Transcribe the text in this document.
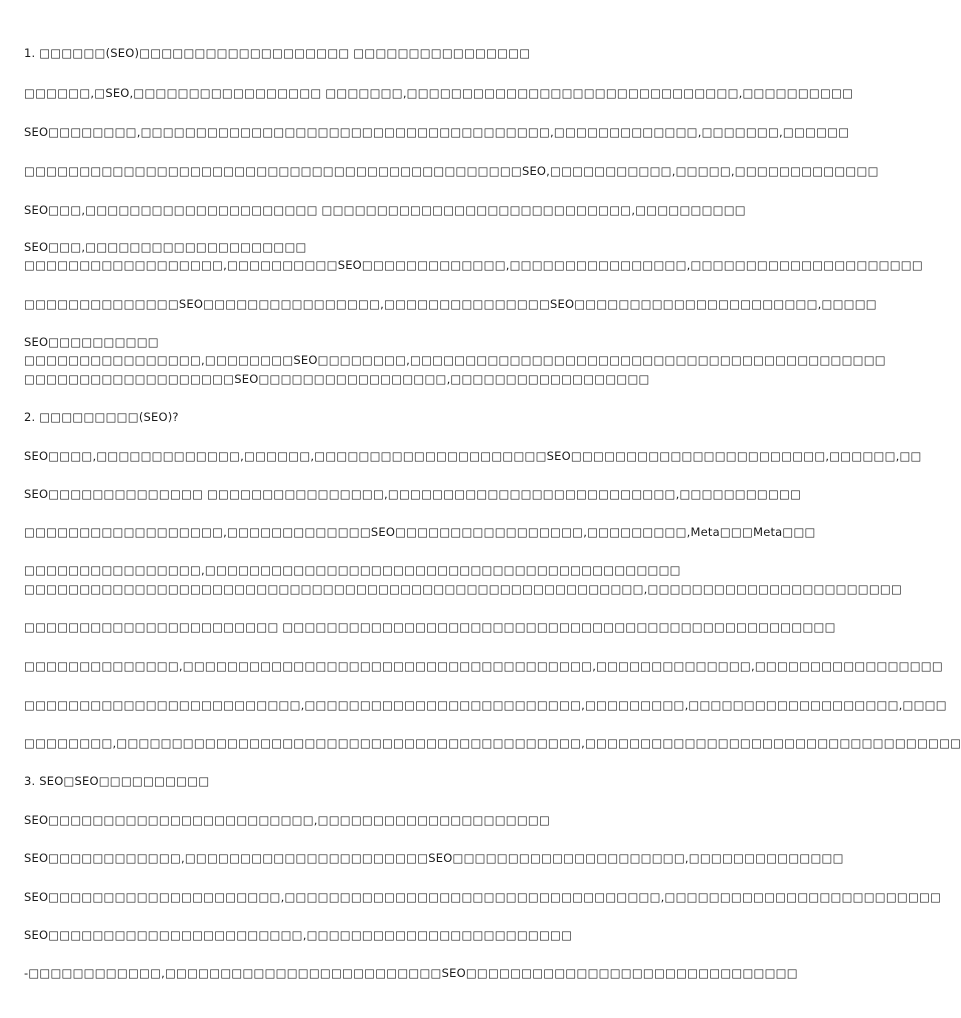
1. □□□□□□(SEO)□□□□□□□□□□□□□□□□□□□ □□□□□□□□□□□□□□□□
□□□□□□,□SEO,□□□□□□□□□□□□□□□□□ □□□□□□□,□□□□□□□□□□□□□□□□□□□□□□□□□□□□□□,□□□□□□□□□□
SEO□□□□□□□□,□□□□□□□□□□□□□□□□□□□□□□□□□□□□□□□□□□□□□,□□□□□□□□□□□□□,□□□□□□□,□□□□□□
□□□□□□□□□□□□□□□□□□□□□□□□□□□□□□□□□□□□□□□□□□□□□SEO,□□□□□□□□□□□,□□□□□,□□□□□□□□□□□□□
SEO□□□,□□□□□□□□□□□□□□□□□□□□□ □□□□□□□□□□□□□□□□□□□□□□□□□□□□,□□□□□□□□□□
SEO□□□,□□□□□□□□□□□□□□□□□□□□
□□□□□□□□□□□□□□□□□□,□□□□□□□□□□SEO□□□□□□□□□□□□□,□□□□□□□□□□□□□□□□,□□□□□□□□□□□□□□□□□□□□□
□□□□□□□□□□□□□□SEO□□□□□□□□□□□□□□□□,□□□□□□□□□□□□□□□SEO□□□□□□□□□□□□□□□□□□□□□□,□□□□□
SEO□□□□□□□□□□
□□□□□□□□□□□□□□□□,□□□□□□□□SEO□□□□□□□□,□□□□□□□□□□□□□□□□□□□□□□□□□□□□□□□□□□□□□□□□□□□
□□□□□□□□□□□□□□□□□□□SEO□□□□□□□□□□□□□□□□□,□□□□□□□□□□□□□□□□□□
2. □□□□□□□□□(SEO)?
SEO□□□□,□□□□□□□□□□□□□,□□□□□□,□□□□□□□□□□□□□□□□□□□□□SEO□□□□□□□□□□□□□□□□□□□□□□□,□□□□□□,□□
SEO□□□□□□□□□□□□□□ □□□□□□□□□□□□□□□□,□□□□□□□□□□□□□□□□□□□□□□□□□□,□□□□□□□□□□□
□□□□□□□□□□□□□□□□□□,□□□□□□□□□□□□□SEO□□□□□□□□□□□□□□□□□,□□□□□□□□□,Meta□□□Meta□□□
□□□□□□□□□□□□□□□□,□□□□□□□□□□□□□□□□□□□□□□□□□□□□□□□□□□□□□□□□□□□
□□□□□□□□□□□□□□□□□□□□□□□□□□□□□□□□□□□□□□□□□□□□□□□□□□□□□□□□,□□□□□□□□□□□□□□□□□□□□□□□
□□□□□□□□□□□□□□□□□□□□□□□ □□□□□□□□□□□□□□□□□□□□□□□□□□□□□□□□□□□□□□□□□□□□□□□□□□
□□□□□□□□□□□□□□,□□□□□□□□□□□□□□□□□□□□□□□□□□□□□□□□□□□□□,□□□□□□□□□□□□□□,□□□□□□□□□□□□□□□□□
□□□□□□□□□□□□□□□□□□□□□□□□□,□□□□□□□□□□□□□□□□□□□□□□□□□,□□□□□□□□□,□□□□□□□□□□□□□□□□□□□,□□□□
□□□□□□□□,□□□□□□□□□□□□□□□□□□□□□□□□□□□□□□□□□□□□□□□□□□,□□□□□□□□□□□□□□□□□□□□□□□□□□□□□□□□□□
3. SEO□SEO□□□□□□□□□□
SEO□□□□□□□□□□□□□□□□□□□□□□□□,□□□□□□□□□□□□□□□□□□□□□
SEO□□□□□□□□□□□□,□□□□□□□□□□□□□□□□□□□□□□SEO□□□□□□□□□□□□□□□□□□□□□,□□□□□□□□□□□□□□
SEO□□□□□□□□□□□□□□□□□□□□□,□□□□□□□□□□□□□□□□□□□□□□□□□□□□□□□□□□,□□□□□□□□□□□□□□□□□□□□□□□□□
SEO□□□□□□□□□□□□□□□□□□□□□□□,□□□□□□□□□□□□□□□□□□□□□□□□
-□□□□□□□□□□□□,□□□□□□□□□□□□□□□□□□□□□□□□□SEO□□□□□□□□□□□□□□□□□□□□□□□□□□□□□□
